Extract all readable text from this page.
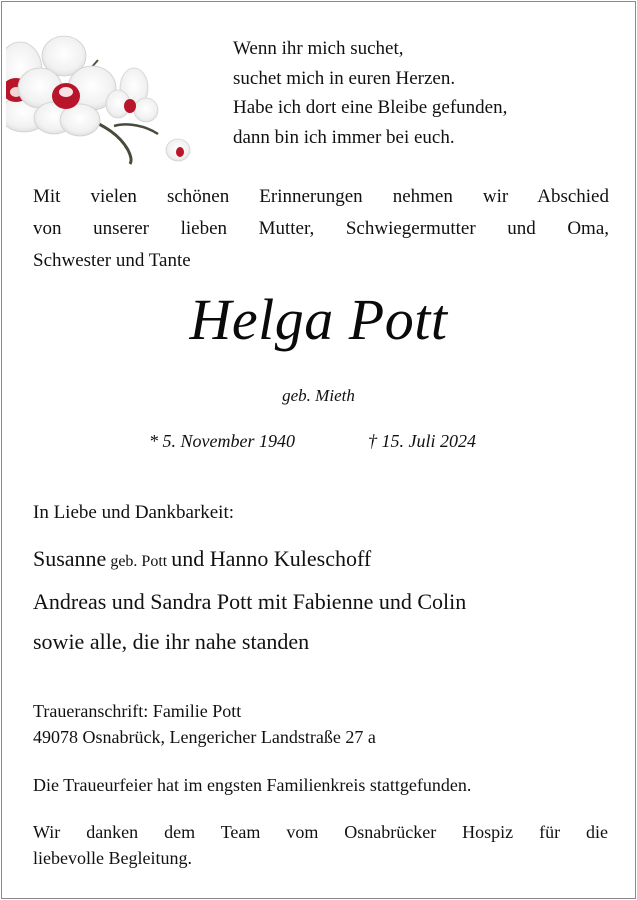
Wenn ihr mich suchet,
suchet mich in euren Herzen.
Habe ich dort eine Bleibe gefunden,
dann bin ich immer bei euch.
Mit vielen schönen Erinnerungen nehmen wir Abschied
von unserer lieben Mutter, Schwiegermutter und Oma,
Schwester und Tante
Helga Pott
geb. Mieth
* 5. November 1940	† 15. Juli 2024
In Liebe und Dankbarkeit:
Susanne geb. Pott und Hanno Kuleschoff
Andreas und Sandra Pott mit Fabienne und Colin
sowie alle, die ihr nahe standen
Traueranschrift: Familie Pott
49078 Osnabrück, Lengericher Landstraße 27 a
Die Traueurfeier hat im engsten Familienkreis stattgefunden.
Wir danken dem Team vom Osnabrücker Hospiz für die
liebevolle Begleitung.
